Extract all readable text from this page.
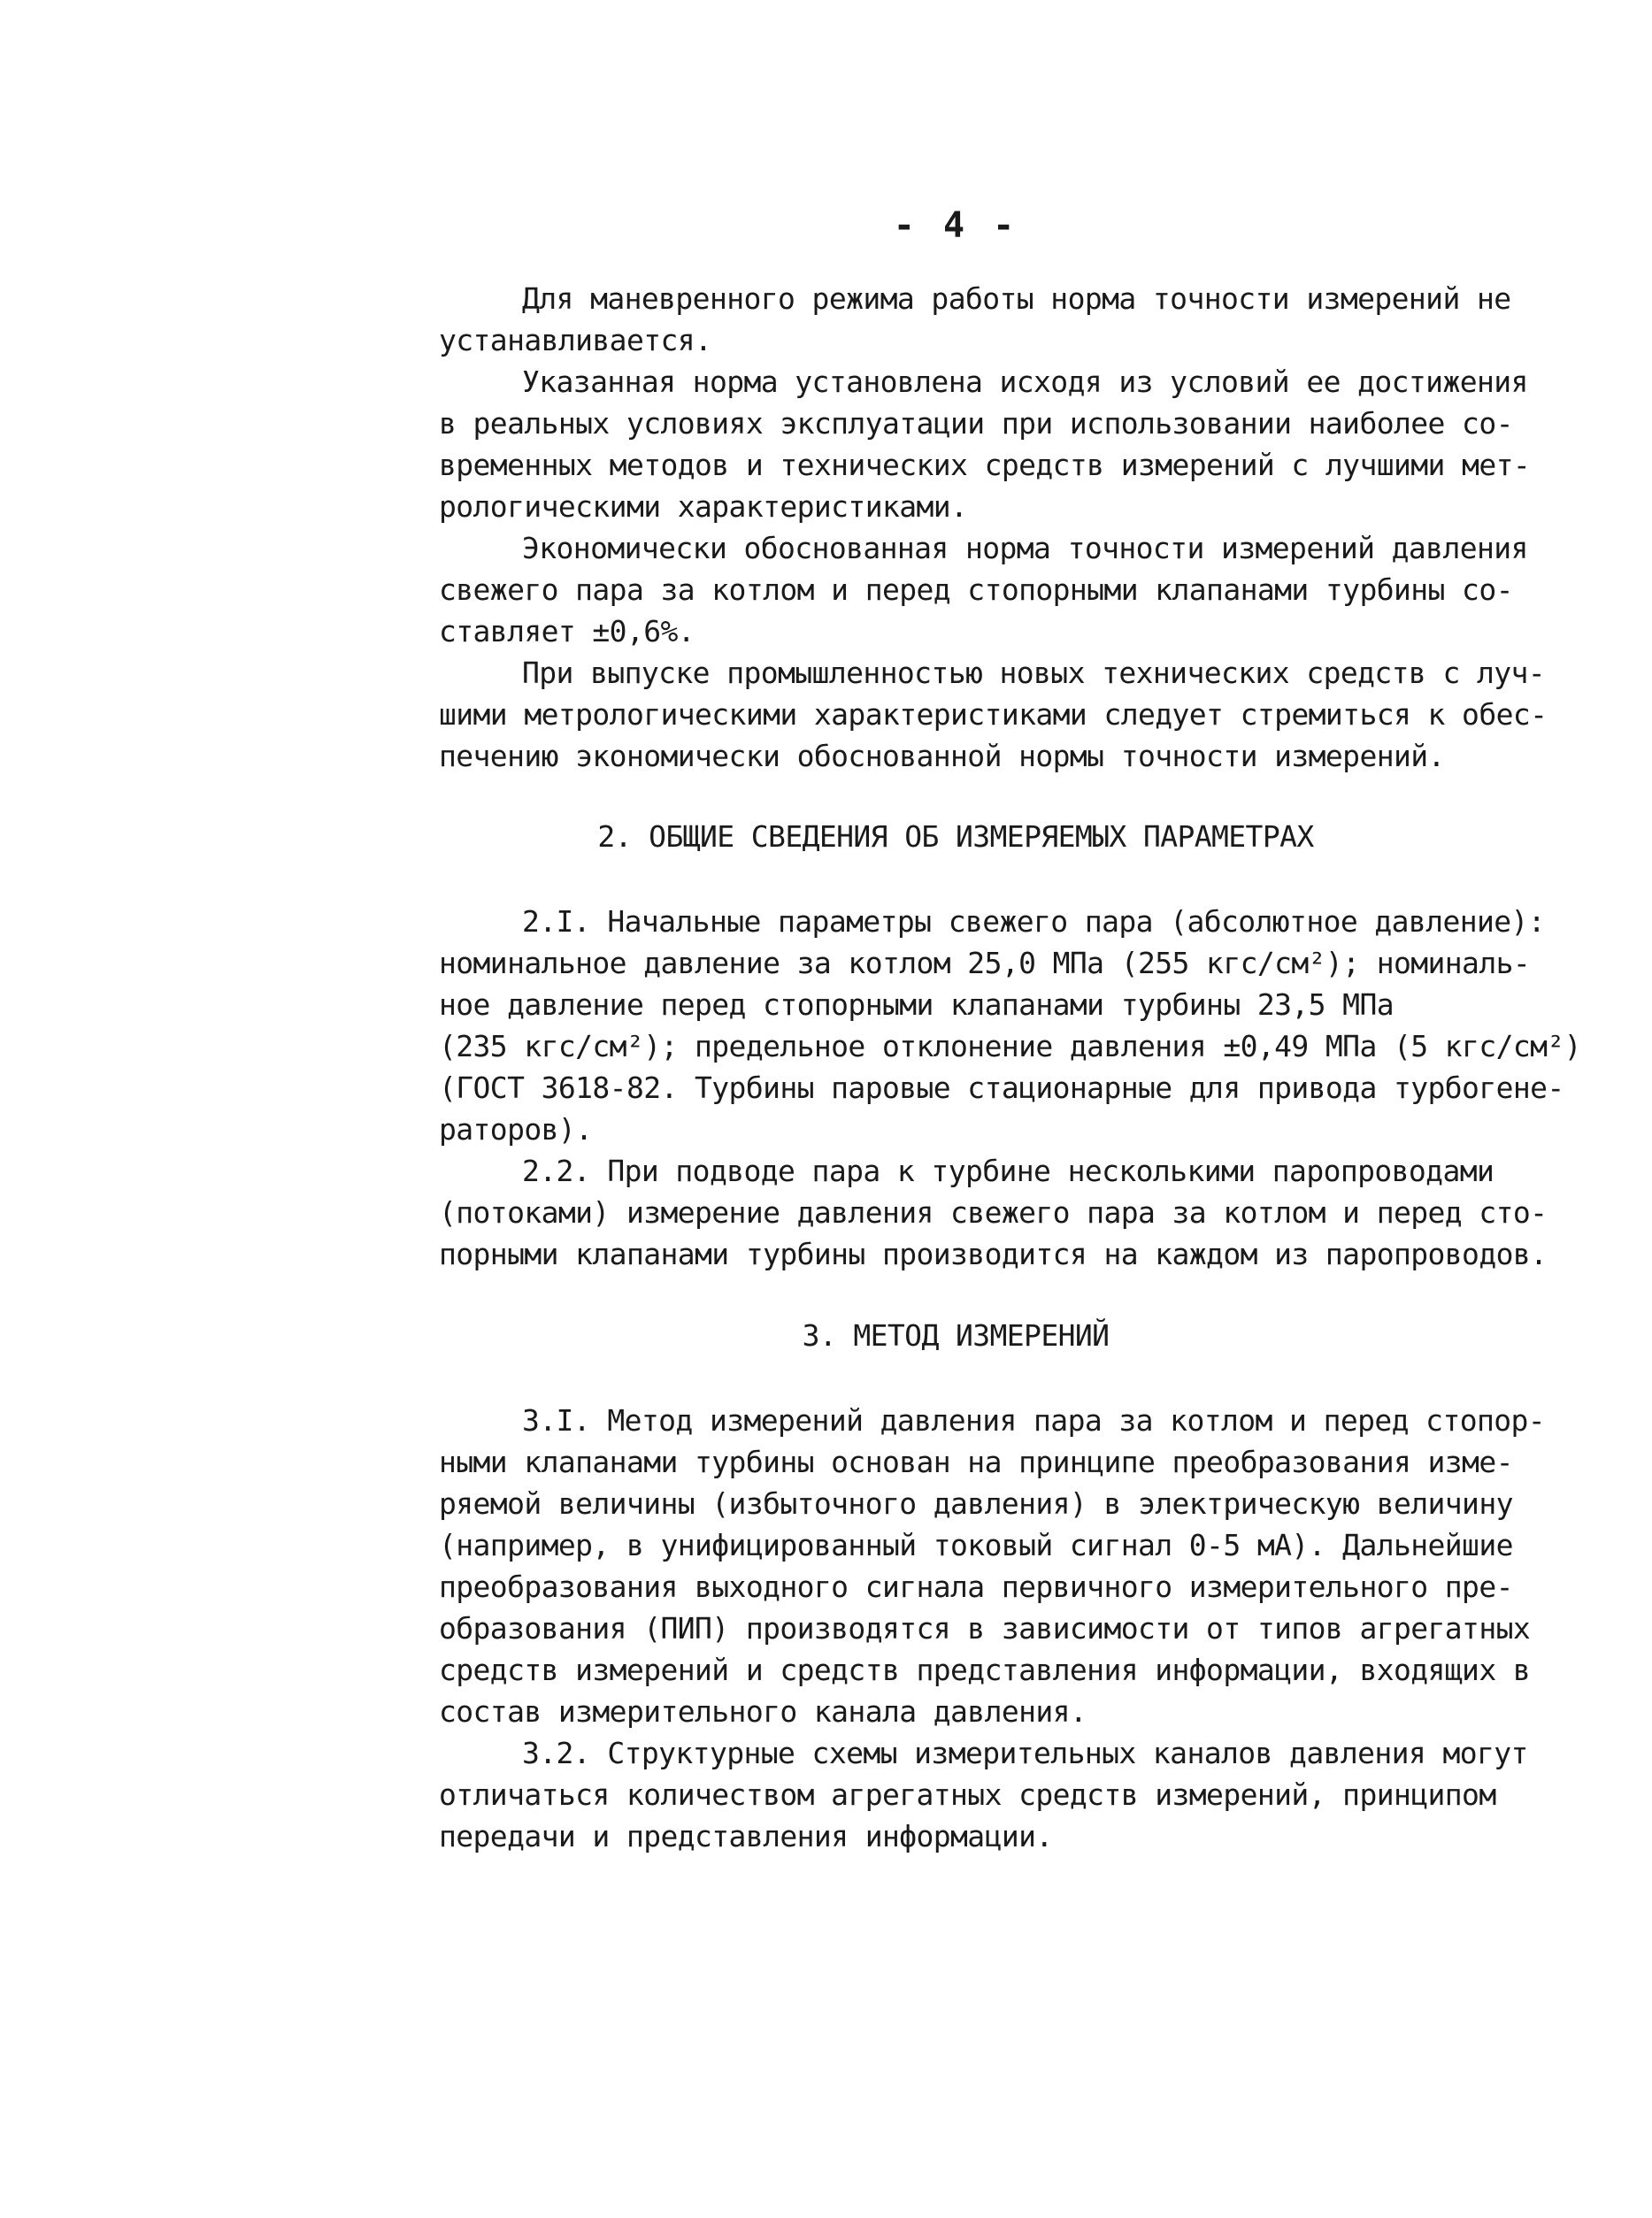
- 4 -
Для маневренного режима работы норма точности измерений не
устанавливается.
Указанная норма установлена исходя из условий ее достижения
в реальных условиях эксплуатации при использовании наиболее со-
временных методов и технических средств измерений с лучшими мет-
рологическими характеристиками.
Экономически обоснованная норма точности измерений давления
свежего пара за котлом и перед стопорными клапанами турбины со-
ставляет ±0,6%.
При выпуске промышленностью новых технических средств с луч-
шими метрологическими характеристиками следует стремиться к обес-
печению экономически обоснованной нормы точности измерений.
2. ОБЩИЕ СВЕДЕНИЯ ОБ ИЗМЕРЯЕМЫХ ПАРАМЕТРАХ
2.I. Начальные параметры свежего пара (абсолютное давление):
номинальное давление за котлом 25,0 МПа (255 кгс/см²); номиналь-
ное давление перед стопорными клапанами турбины 23,5 МПа
(235 кгс/см²); предельное отклонение давления ±0,49 МПа (5 кгс/см²)
(ГОСТ 3618-82. Турбины паровые стационарные для привода турбогене-
раторов).
2.2. При подводе пара к турбине несколькими паропроводами
(потоками) измерение давления свежего пара за котлом и перед сто-
порными клапанами турбины производится на каждом из паропроводов.
3. МЕТОД ИЗМЕРЕНИЙ
3.I. Метод измерений давления пара за котлом и перед стопор-
ными клапанами турбины основан на принципе преобразования изме-
ряемой величины (избыточного давления) в электрическую величину
(например, в унифицированный токовый сигнал 0-5 мА). Дальнейшие
преобразования выходного сигнала первичного измерительного пре-
образования (ПИП) производятся в зависимости от типов агрегатных
средств измерений и средств представления информации, входящих в
состав измерительного канала давления.
3.2. Структурные схемы измерительных каналов давления могут
отличаться количеством агрегатных средств измерений, принципом
передачи и представления информации.
